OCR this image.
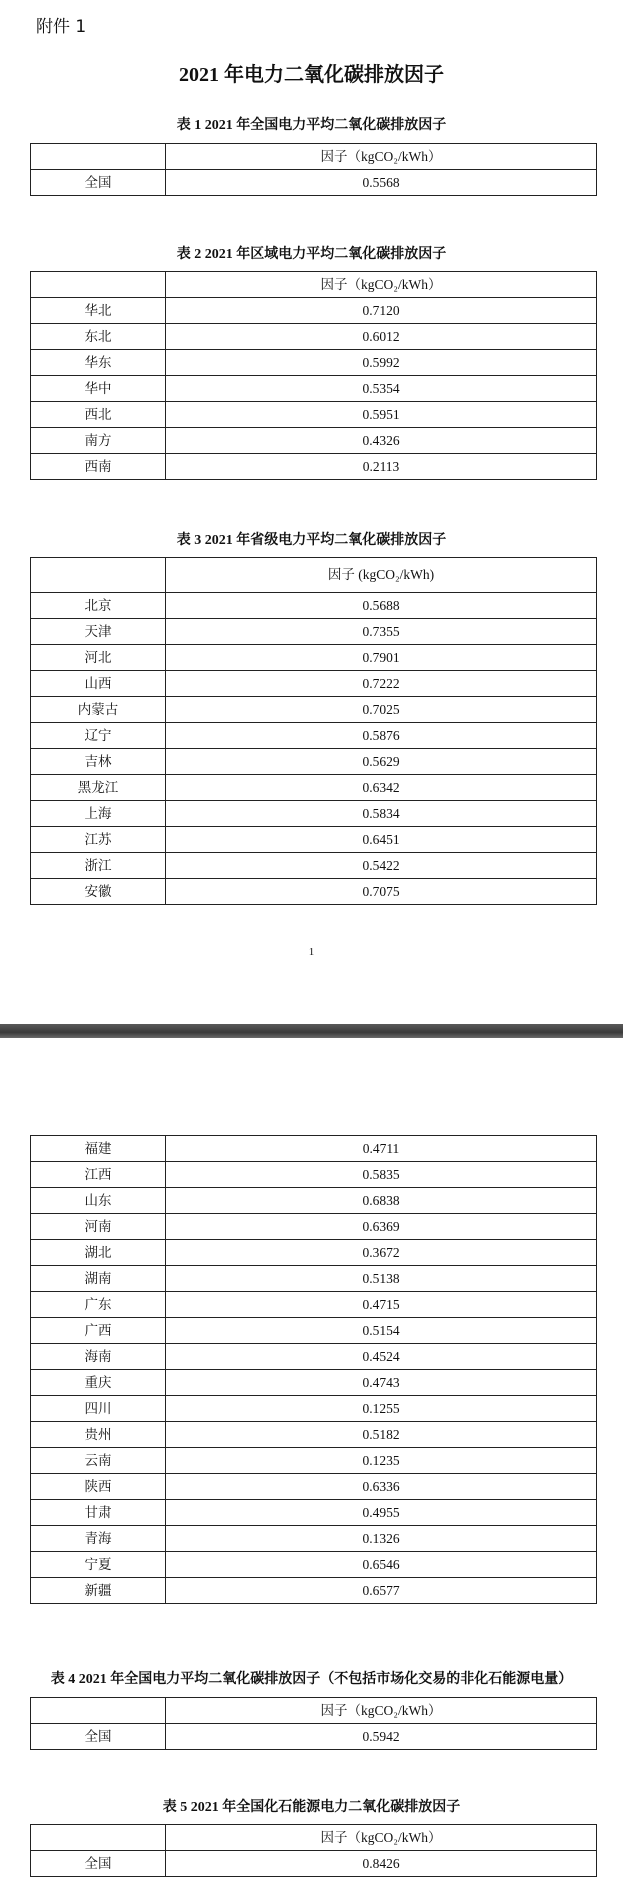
附件 1
2021 年电力二氧化碳排放因子
表 1 2021 年全国电力平均二氧化碳排放因子
	因子（kgCO₂/kWh）
全国	0.5568
表 2 2021 年区域电力平均二氧化碳排放因子
	因子（kgCO₂/kWh）
华北	0.7120
东北	0.6012
华东	0.5992
华中	0.5354
西北	0.5951
南方	0.4326
西南	0.2113
表 3 2021 年省级电力平均二氧化碳排放因子
	因子 (kgCO₂/kWh)
北京	0.5688
天津	0.7355
河北	0.7901
山西	0.7222
内蒙古	0.7025
辽宁	0.5876
吉林	0.5629
黑龙江	0.6342
上海	0.5834
江苏	0.6451
浙江	0.5422
安徽	0.7075
1
福建	0.4711
江西	0.5835
山东	0.6838
河南	0.6369
湖北	0.3672
湖南	0.5138
广东	0.4715
广西	0.5154
海南	0.4524
重庆	0.4743
四川	0.1255
贵州	0.5182
云南	0.1235
陕西	0.6336
甘肃	0.4955
青海	0.1326
宁夏	0.6546
新疆	0.6577
表 4 2021 年全国电力平均二氧化碳排放因子（不包括市场化交易的非化石能源电量）
	因子（kgCO₂/kWh）
全国	0.5942
表 5 2021 年全国化石能源电力二氧化碳排放因子
	因子（kgCO₂/kWh）
全国	0.8426
